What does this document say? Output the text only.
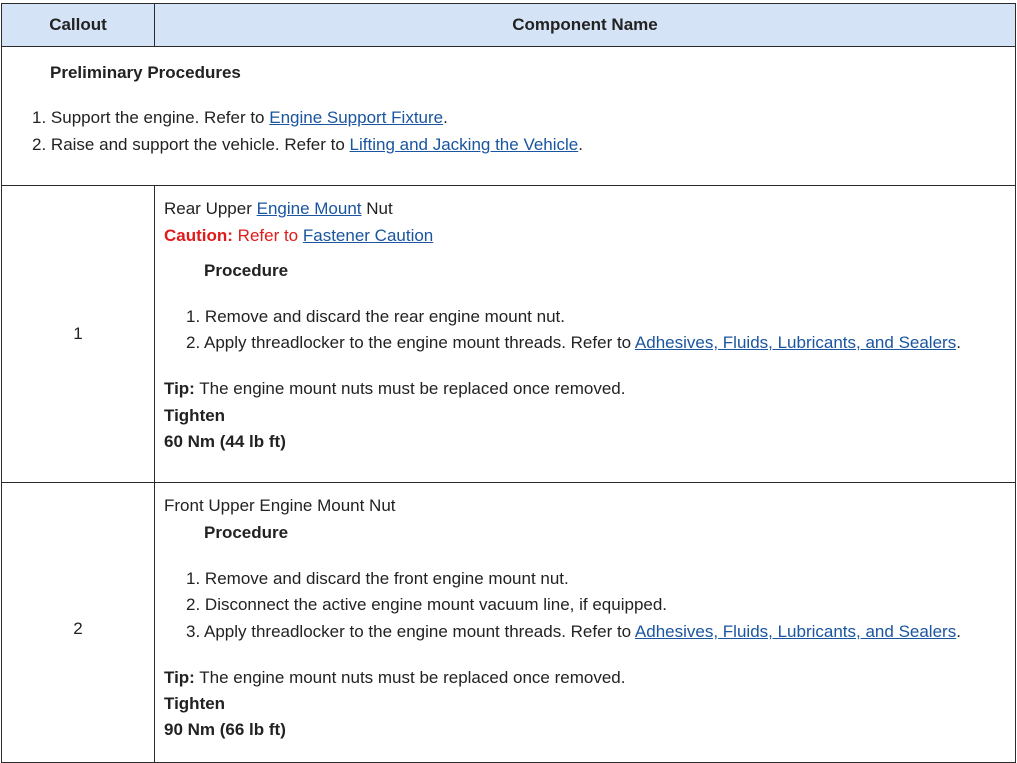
Callout	Component Name
Preliminary Procedures
1. Support the engine. Refer to Engine Support Fixture.
2. Raise and support the vehicle. Refer to Lifting and Jacking the Vehicle.
1
Rear Upper Engine Mount Nut
Caution: Refer to Fastener Caution
Procedure
1. Remove and discard the rear engine mount nut.
2. Apply threadlocker to the engine mount threads. Refer to Adhesives, Fluids, Lubricants, and Sealers.
Tip: The engine mount nuts must be replaced once removed.
Tighten
60 Nm (44 lb ft)
2
Front Upper Engine Mount Nut
Procedure
1. Remove and discard the front engine mount nut.
2. Disconnect the active engine mount vacuum line, if equipped.
3. Apply threadlocker to the engine mount threads. Refer to Adhesives, Fluids, Lubricants, and Sealers.
Tip: The engine mount nuts must be replaced once removed.
Tighten
90 Nm (66 lb ft)
